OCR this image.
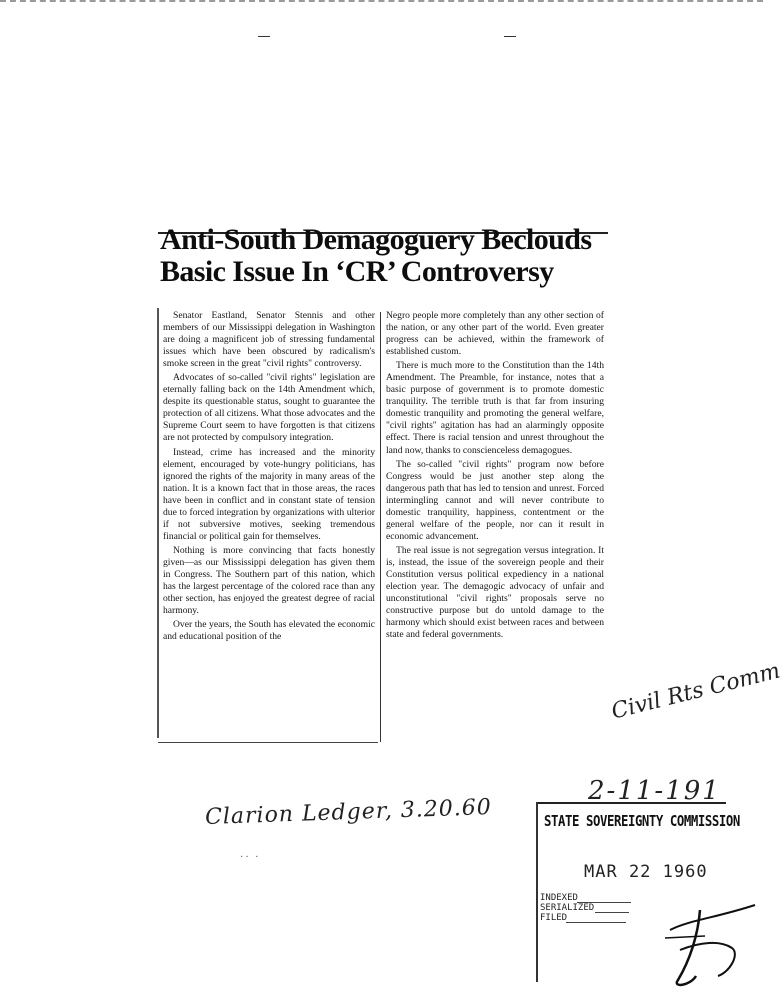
Anti-South Demagoguery Beclouds
Basic Issue In ‘CR’ Controversy

Senator Eastland, Senator Stennis and other members of our Mississippi delegation in Washington are doing a magnificent job of stressing fundamental issues which have been obscured by radicalism's smoke screen in the great "civil rights" controversy.

Advocates of so-called "civil rights" legislation are eternally falling back on the 14th Amendment which, despite its questionable status, sought to guarantee the protection of all citizens. What those advocates and the Supreme Court seem to have forgotten is that citizens are not protected by compulsory integration.

Instead, crime has increased and the minority element, encouraged by vote-hungry politicians, has ignored the rights of the majority in many areas of the nation. It is a known fact that in those areas, the races have been in conflict and in constant state of tension due to forced integration by organizations with ulterior if not subversive motives, seeking tremendous financial or political gain for themselves.

Nothing is more convincing that facts honestly given—as our Mississippi delegation has given them in Congress. The Southern part of this nation, which has the largest percentage of the colored race than any other section, has enjoyed the greatest degree of racial harmony.

Over the years, the South has elevated the economic and educational position of the

Negro people more completely than any other section of the nation, or any other part of the world. Even greater progress can be achieved, within the framework of established custom.

There is much more to the Constitution than the 14th Amendment. The Preamble, for instance, notes that a basic purpose of government is to promote domestic tranquility. The terrible truth is that far from insuring domestic tranquility and promoting the general welfare, "civil rights" agitation has had an alarmingly opposite effect. There is racial tension and unrest throughout the land now, thanks to conscienceless demagogues.

The so-called "civil rights" program now before Congress would be just another step along the dangerous path that has led to tension and unrest. Forced intermingling cannot and will never contribute to domestic tranquility, happiness, contentment or the general welfare of the people, nor can it result in economic advancement.

The real issue is not segregation versus integration. It is, instead, the issue of the sovereign people and their Constitution versus political expediency in a national election year. The demagogic advocacy of unfair and unconstitutional "civil rights" proposals serve no constructive purpose but do untold damage to the harmony which should exist between races and between state and federal governments.

Civil Rts Comm
Clarion Ledger, 3.20.60
·· ·
2-11-191
STATE SOVEREIGNTY COMMISSION
MAR 22 1960
INDEXED
SERIALIZED
FILED
